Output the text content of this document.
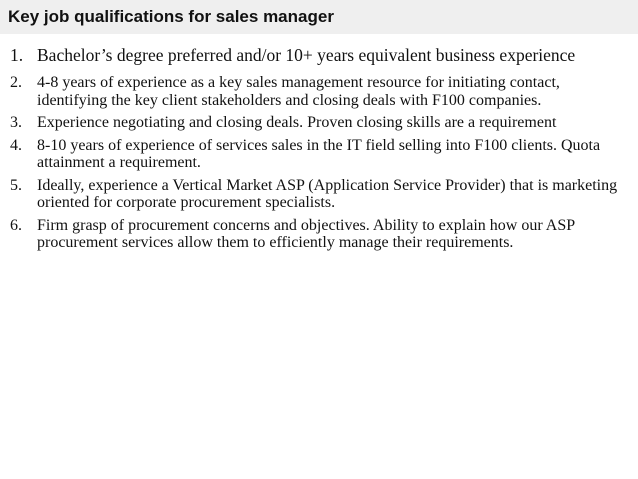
Key job qualifications for sales manager
1. Bachelor’s degree preferred and/or 10+ years equivalent business experience
2. 4-8 years of experience as a key sales management resource for initiating contact, identifying the key client stakeholders and closing deals with F100 companies.
3. Experience negotiating and closing deals. Proven closing skills are a requirement
4. 8-10 years of experience of services sales in the IT field selling into F100 clients. Quota attainment a requirement.
5. Ideally, experience a Vertical Market ASP (Application Service Provider) that is marketing oriented for corporate procurement specialists.
6. Firm grasp of procurement concerns and objectives. Ability to explain how our ASP procurement services allow them to efficiently manage their requirements.
